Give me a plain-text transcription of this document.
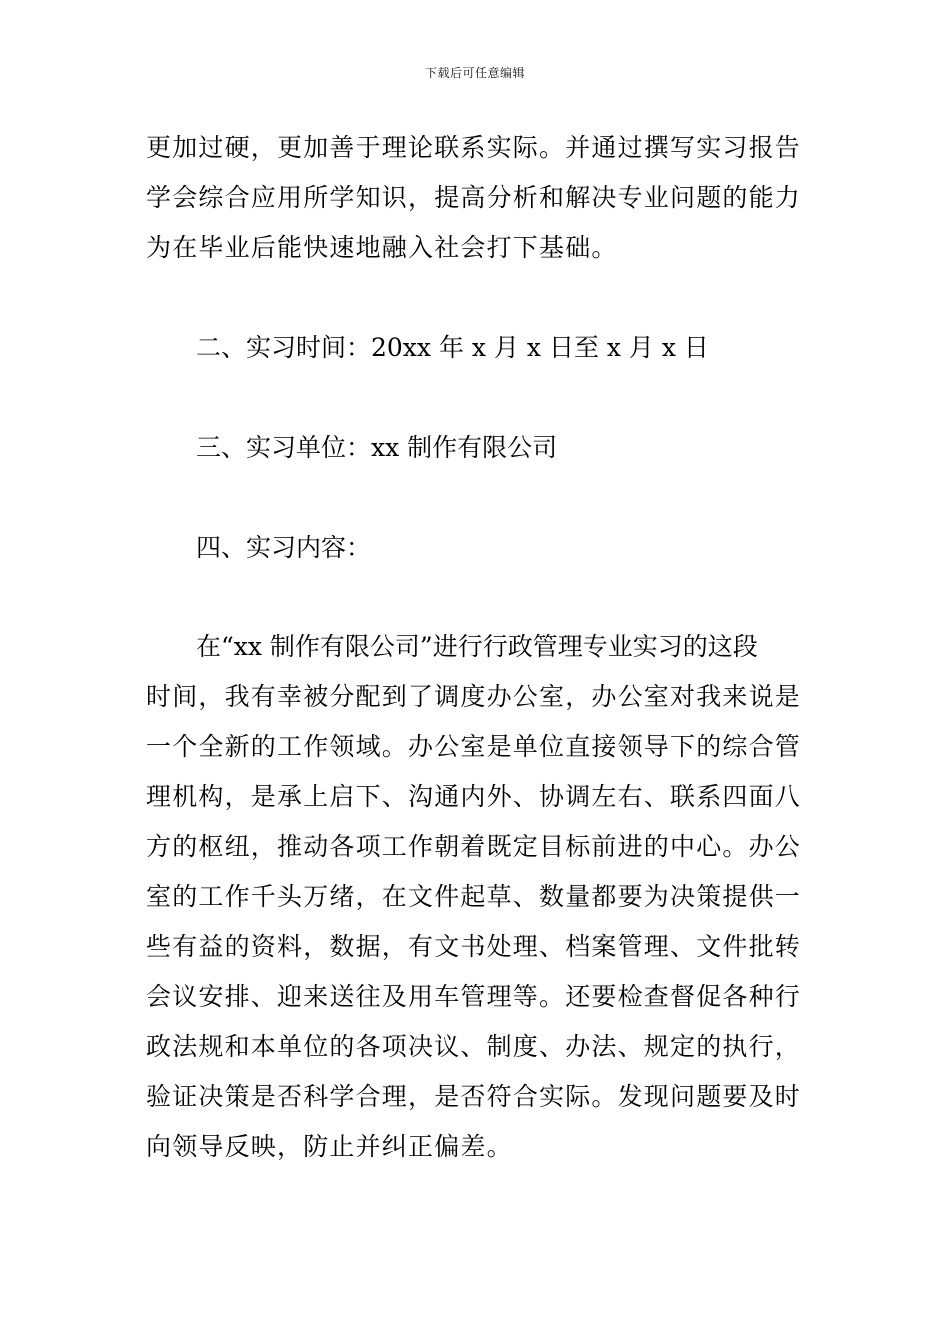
下载后可任意编辑
更加过硬，更加善于理论联系实际。并通过撰写实习报告
学会综合应用所学知识，提高分析和解决专业问题的能力
为在毕业后能快速地融入社会打下基础。
二、实习时间：20xx 年 x 月 x 日至 x 月 x 日
三、实习单位：xx 制作有限公司
四、实习内容：
在“xx 制作有限公司”进行行政管理专业实习的这段
时间，我有幸被分配到了调度办公室，办公室对我来说是
一个全新的工作领域。办公室是单位直接领导下的综合管
理机构，是承上启下、沟通内外、协调左右、联系四面八
方的枢纽，推动各项工作朝着既定目标前进的中心。办公
室的工作千头万绪，在文件起草、数量都要为决策提供一
些有益的资料，数据，有文书处理、档案管理、文件批转
会议安排、迎来送往及用车管理等。还要检查督促各种行
政法规和本单位的各项决议、制度、办法、规定的执行，
验证决策是否科学合理，是否符合实际。发现问题要及时
向领导反映，防止并纠正偏差。
